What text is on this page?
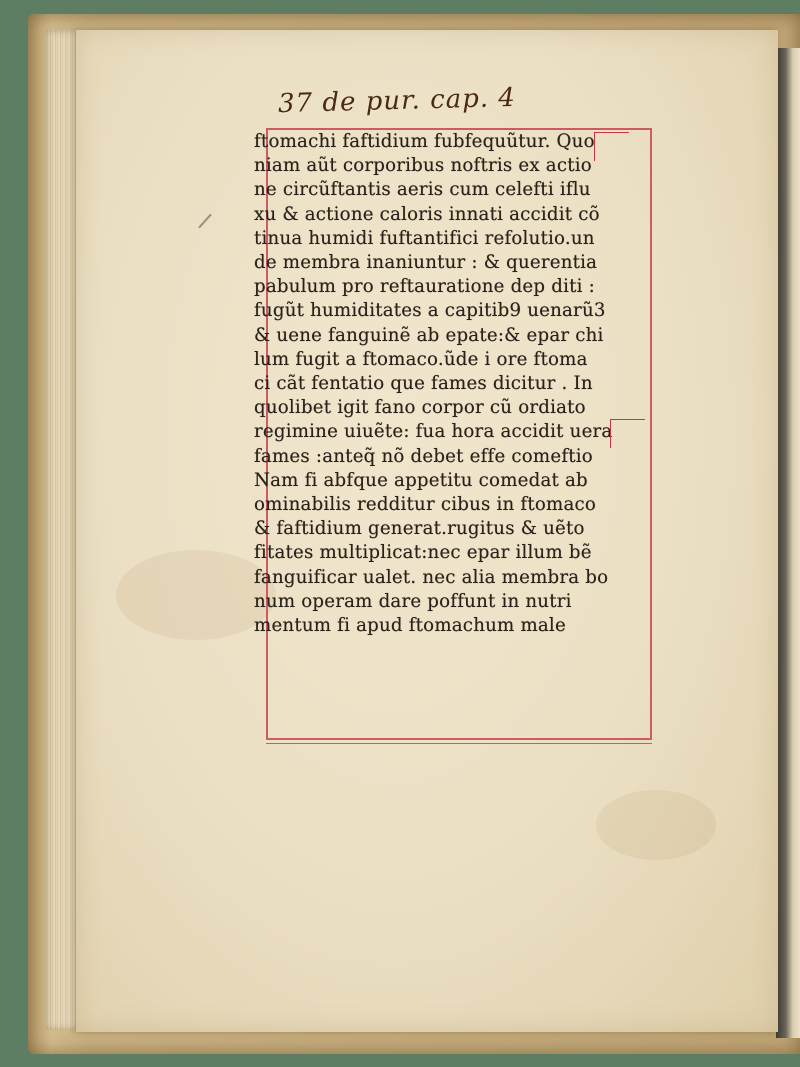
37 de pur. cap. 4
ftomachi faftidium fubfequũtur. Quo
niam aũt corporibus noftris ex actio
ne circũftantis aeris cum celefti iflu
xu & actione caloris innati accidit cõ
tinua humidi fuftantifici refolutio.un
de membra inaniuntur : & querentia
pabulum pro reftauratione dep diti :
fugũt humiditates a capitib9 uenarũ3
& uene fanguinẽ ab epate:& epar chi
lum fugit a ftomaco.ũde i ore ftoma
ci cãt fentatio que fames dicitur . In
quolibet igit fano corpor cũ ordiato
regimine uiuẽte: fua hora accidit uera
fames :anteq̃ nõ debet effe comeftio
Nam fi abfque appetitu comedat ab
ominabilis redditur cibus in ftomaco
& faftidium generat.rugitus & uẽto
fitates multiplicat:nec epar illum bẽ
fanguificar ualet. nec alia membra bo
num operam dare poffunt in nutri
mentum fi apud ftomachum male
